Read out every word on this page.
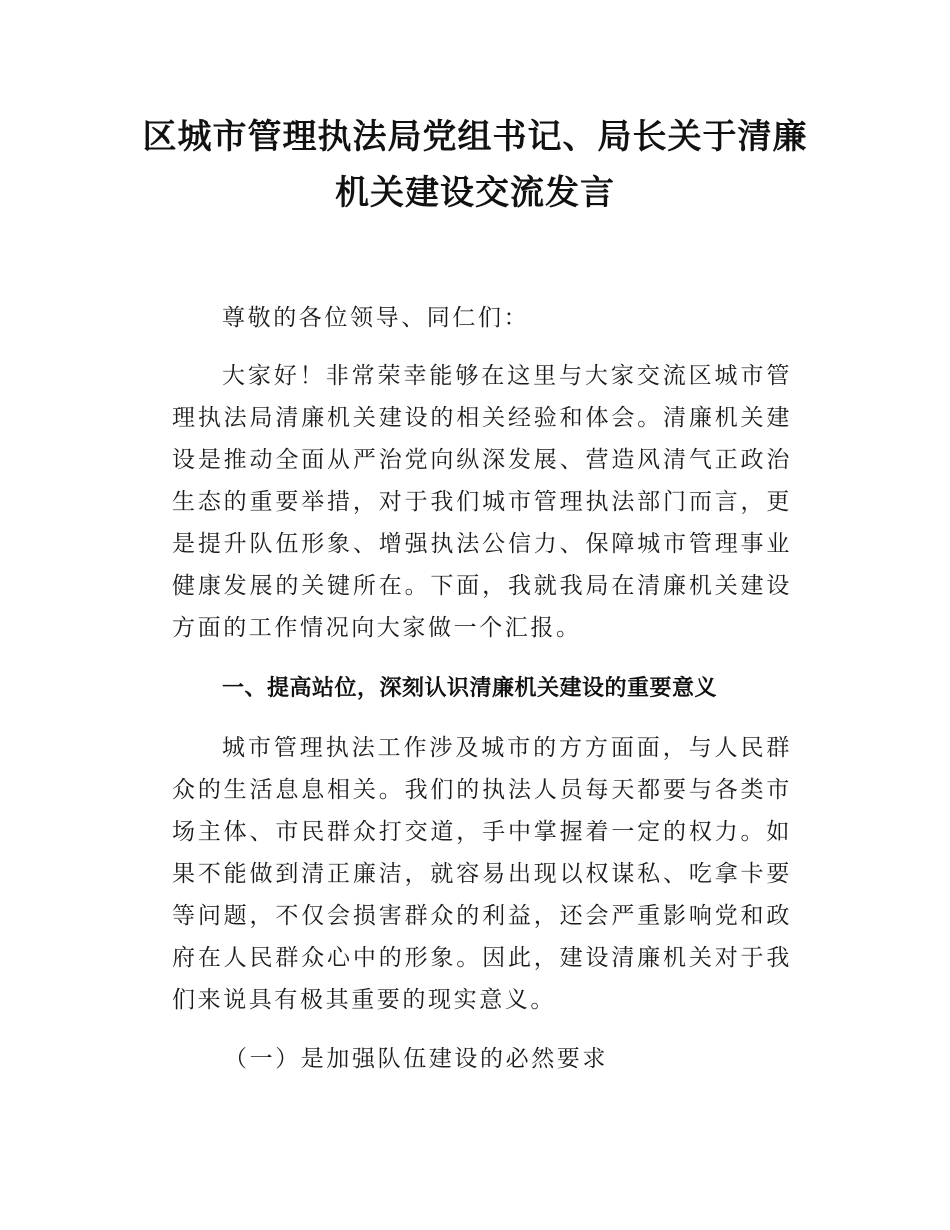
区城市管理执法局党组书记、局长关于清廉
机关建设交流发言

尊敬的各位领导、同仁们：

大家好！非常荣幸能够在这里与大家交流区城市管理执法局清廉机关建设的相关经验和体会。清廉机关建设是推动全面从严治党向纵深发展、营造风清气正政治生态的重要举措，对于我们城市管理执法部门而言，更是提升队伍形象、增强执法公信力、保障城市管理事业健康发展的关键所在。下面，我就我局在清廉机关建设方面的工作情况向大家做一个汇报。

一、提高站位，深刻认识清廉机关建设的重要意义

城市管理执法工作涉及城市的方方面面，与人民群众的生活息息相关。我们的执法人员每天都要与各类市场主体、市民群众打交道，手中掌握着一定的权力。如果不能做到清正廉洁，就容易出现以权谋私、吃拿卡要等问题，不仅会损害群众的利益，还会严重影响党和政府在人民群众心中的形象。因此，建设清廉机关对于我们来说具有极其重要的现实意义。

（一）是加强队伍建设的必然要求
